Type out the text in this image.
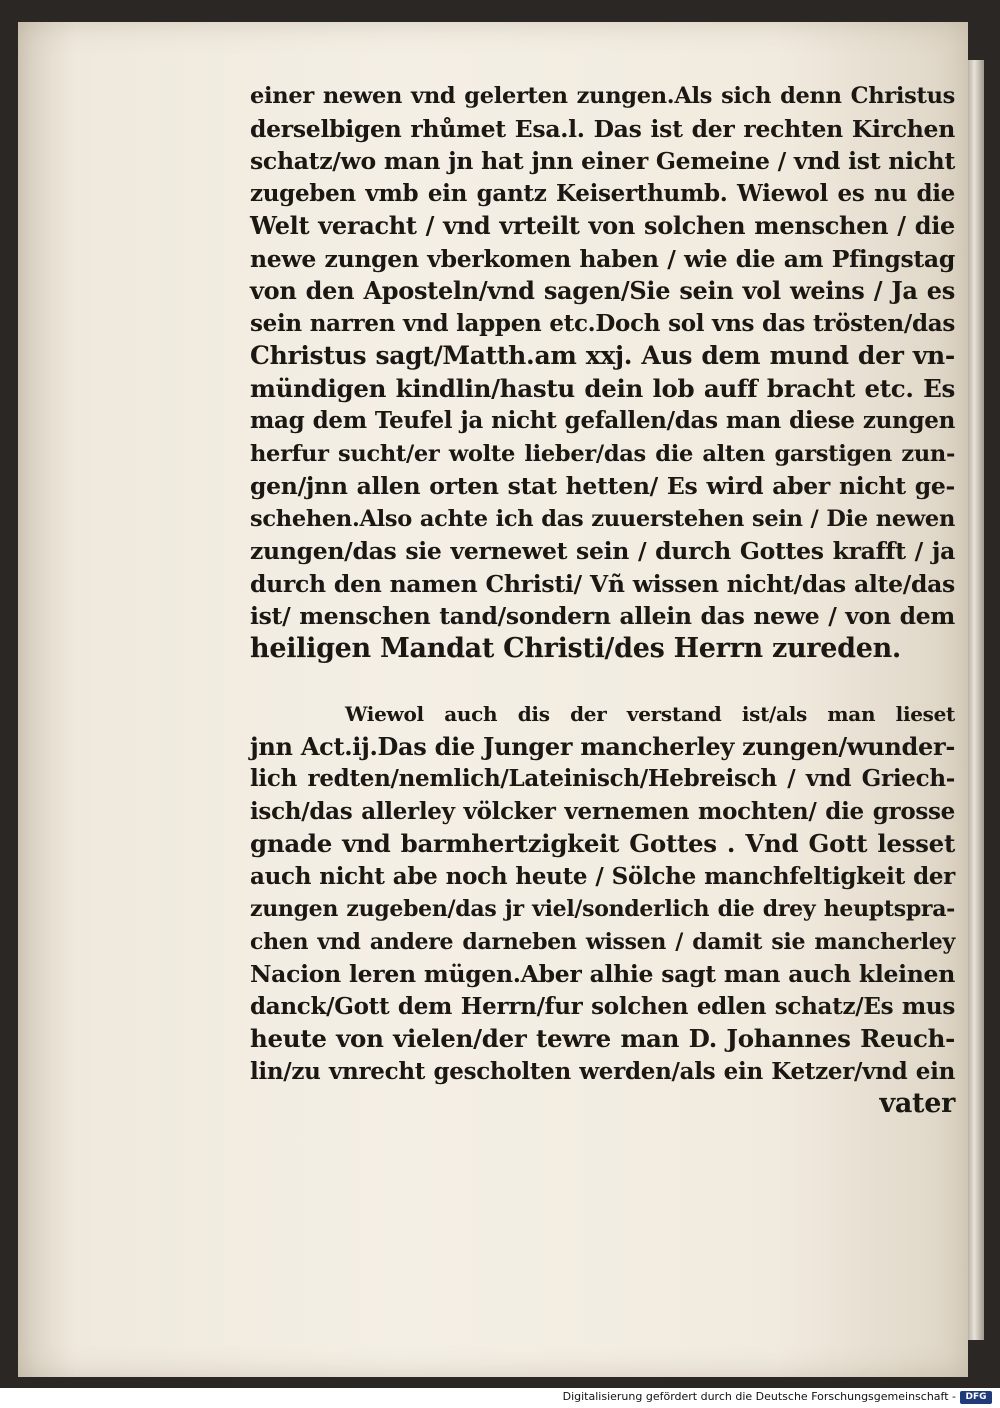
einer newen vnd gelerten zungen.Als sich denn Christus
derselbigen rhůmet Esa.l. Das ist der rechten Kirchen
schatz/wo man jn hat jnn einer Gemeine / vnd ist nicht
zugeben vmb ein gantz Keiserthumb. Wiewol es nu die
Welt veracht / vnd vrteilt von solchen menschen / die
newe zungen vberkomen haben / wie die am Pfingstag
von den Aposteln/vnd sagen/Sie sein vol weins / Ja es
sein narren vnd lappen etc.Doch sol vns das trösten/das
Christus sagt/Matth.am xxj. Aus dem mund der vn-
mündigen kindlin/hastu dein lob auff bracht etc. Es
mag dem Teufel ja nicht gefallen/das man diese zungen
herfur sucht/er wolte lieber/das die alten garstigen zun-
gen/jnn allen orten stat hetten/ Es wird aber nicht ge-
schehen.Also achte ich das zuuerstehen sein / Die newen
zungen/das sie vernewet sein / durch Gottes krafft / ja
durch den namen Christi/ Vñ wissen nicht/das alte/das
ist/ menschen tand/sondern allein das newe / von dem
heiligen Mandat Christi/des Herrn zureden.
Wiewol auch dis der verstand ist/als man lieset
jnn Act.ij.Das die Junger mancherley zungen/wunder-
lich redten/nemlich/Lateinisch/Hebreisch / vnd Griech-
isch/das allerley völcker vernemen mochten/ die grosse
gnade vnd barmhertzigkeit Gottes . Vnd Gott lesset
auch nicht abe noch heute / Sölche manchfeltigkeit der
zungen zugeben/das jr viel/sonderlich die drey heuptspra-
chen vnd andere darneben wissen / damit sie mancherley
Nacion leren mügen.Aber alhie sagt man auch kleinen
danck/Gott dem Herrn/fur solchen edlen schatz/Es mus
heute von vielen/der tewre man D. Johannes Reuch-
lin/zu vnrecht gescholten werden/als ein Ketzer/vnd ein
vater
Digitalisierung gefördert durch die Deutsche Forschungsgemeinschaft -	DFG
